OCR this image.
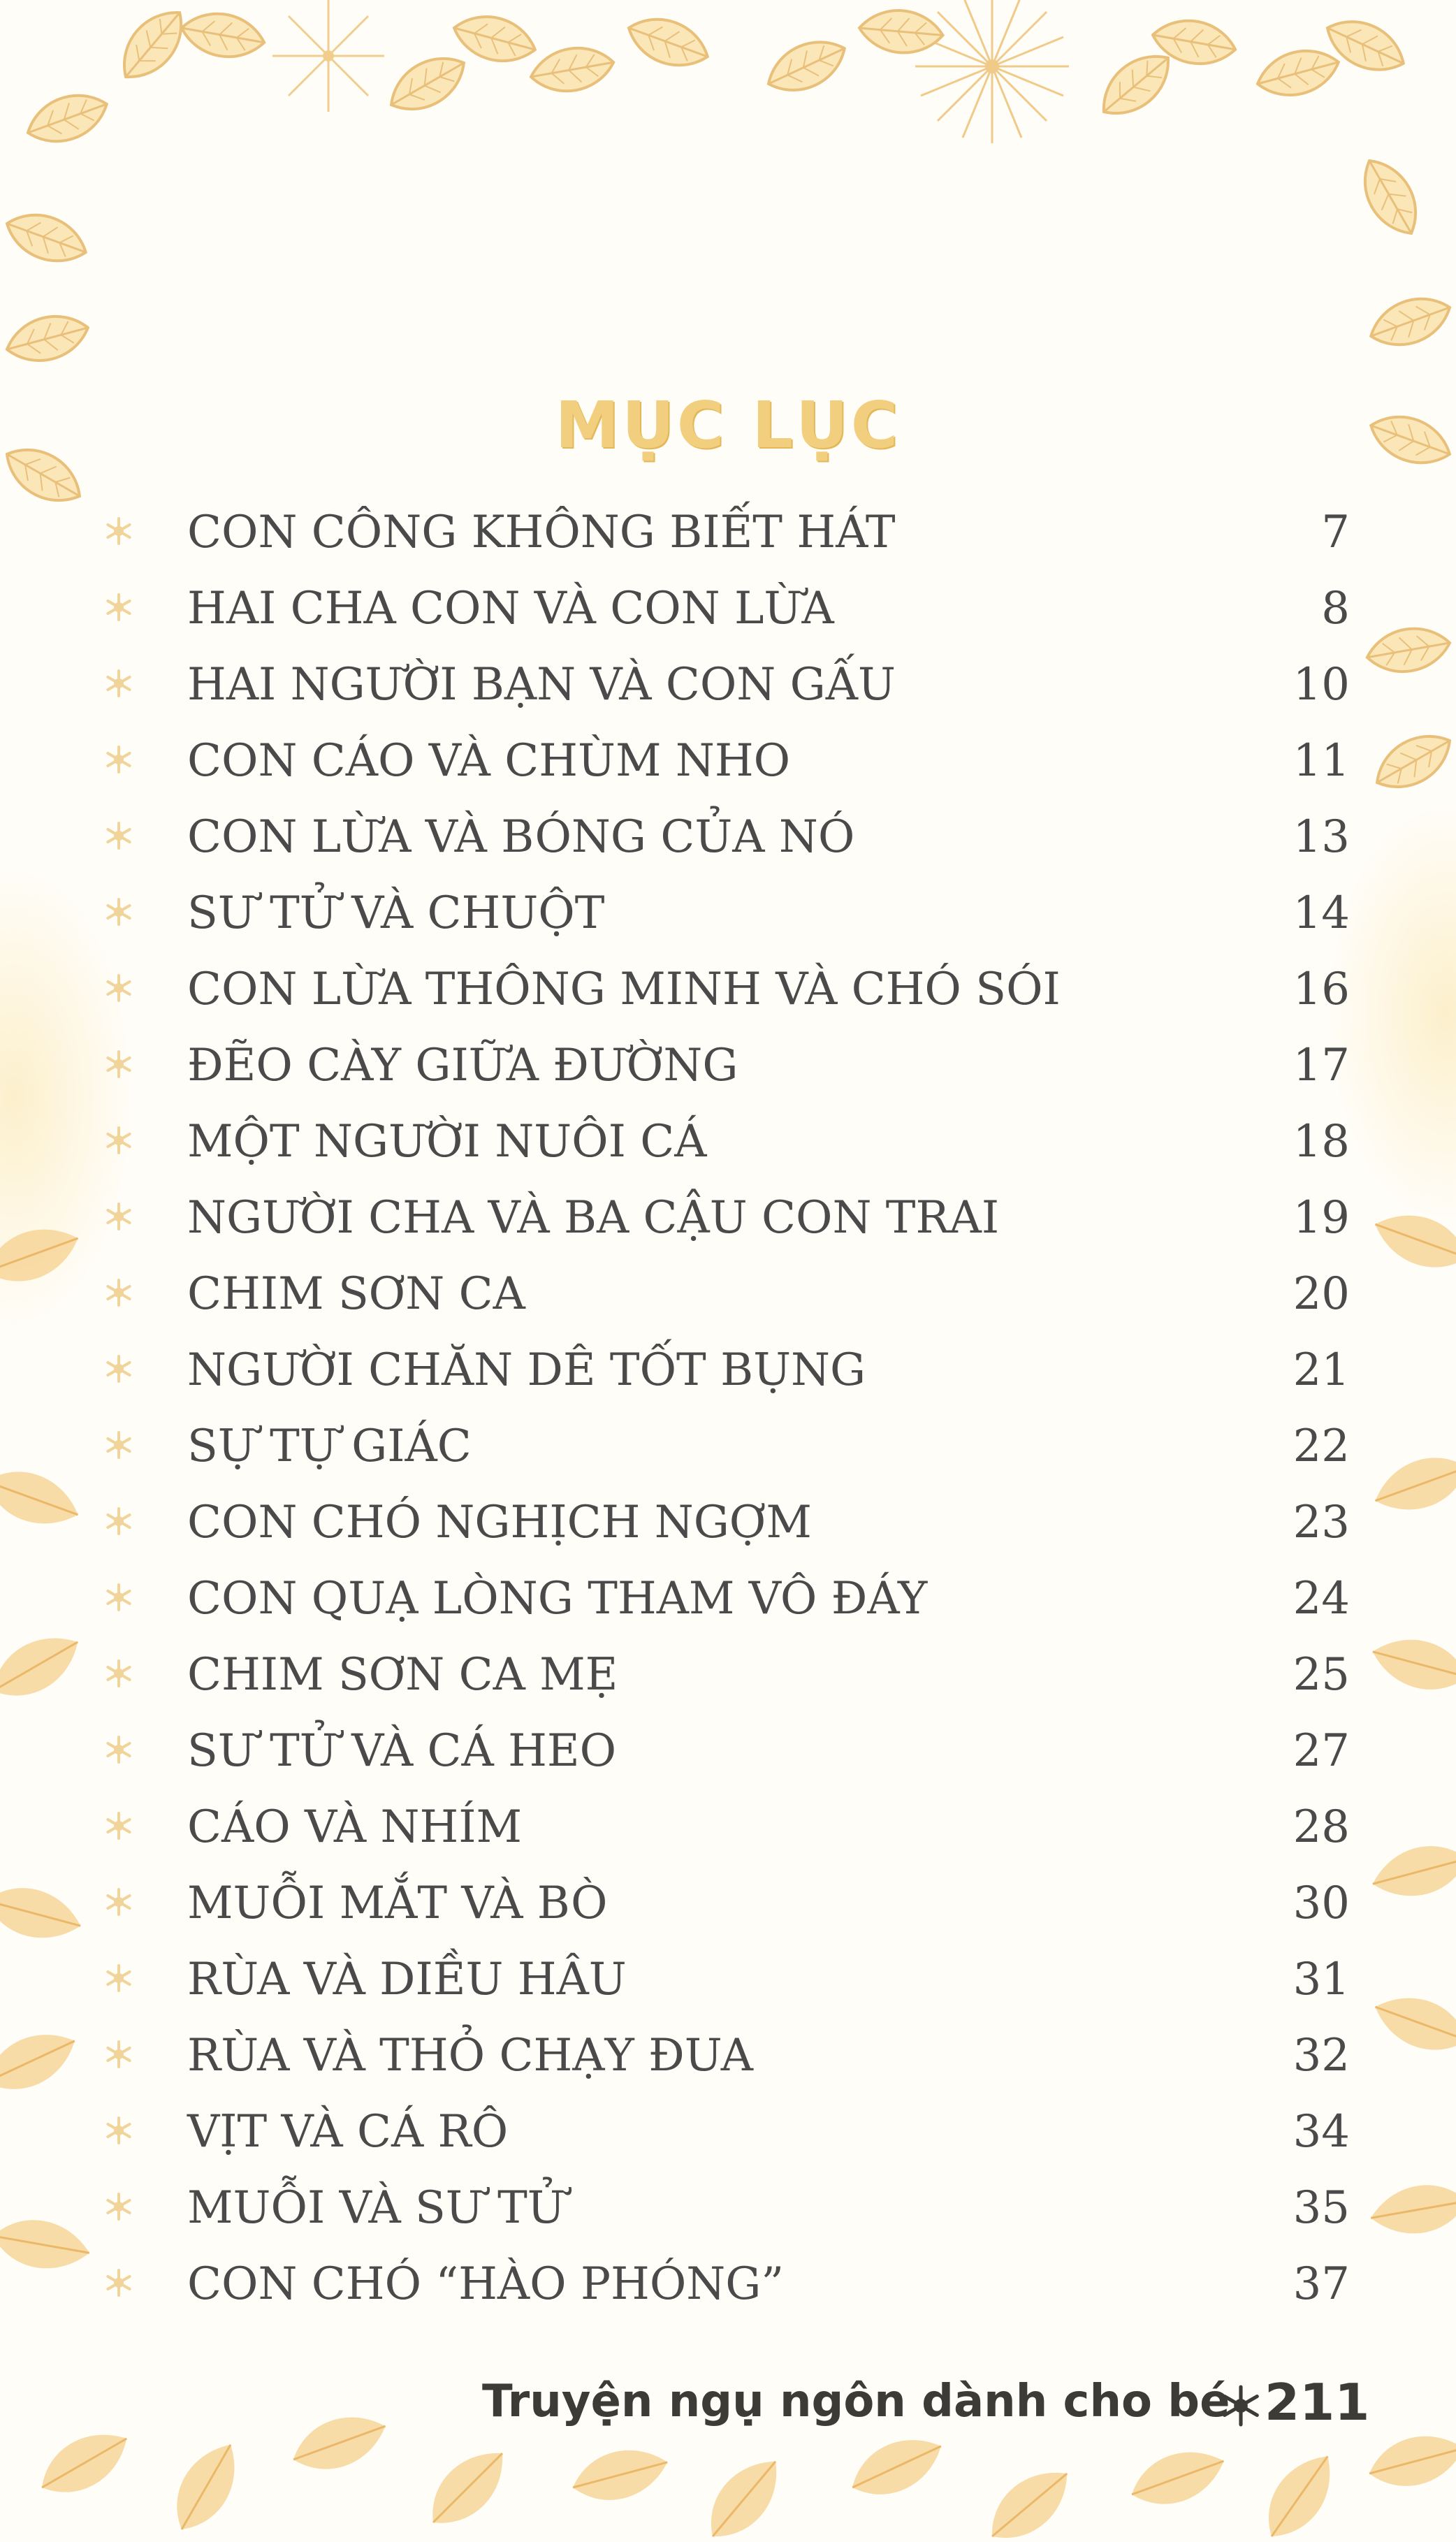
MỤC LỤC
CON CÔNG KHÔNG BIẾT HÁT	7
HAI CHA CON VÀ CON LỪA	8
HAI NGƯỜI BẠN VÀ CON GẤU	10
CON CÁO VÀ CHÙM NHO	11
CON LỪA VÀ BÓNG CỦA NÓ	13
SƯ TỬ VÀ CHUỘT	14
CON LỪA THÔNG MINH VÀ CHÓ SÓI	16
ĐẼO CÀY GIỮA ĐƯỜNG	17
MỘT NGƯỜI NUÔI CÁ	18
NGƯỜI CHA VÀ BA CẬU CON TRAI	19
CHIM SƠN CA	20
NGƯỜI CHĂN DÊ TỐT BỤNG	21
SỰ TỰ GIÁC	22
CON CHÓ NGHỊCH NGỢM	23
CON QUẠ LÒNG THAM VÔ ĐÁY	24
CHIM SƠN CA MẸ	25
SƯ TỬ VÀ CÁ HEO	27
CÁO VÀ NHÍM	28
MUỖI MẮT VÀ BÒ	30
RÙA VÀ DIỀU HÂU	31
RÙA VÀ THỎ CHẠY ĐUA	32
VỊT VÀ CÁ RÔ	34
MUỖI VÀ SƯ TỬ	35
CON CHÓ “HÀO PHÓNG”	37
Truyện ngụ ngôn dành cho bé 211
